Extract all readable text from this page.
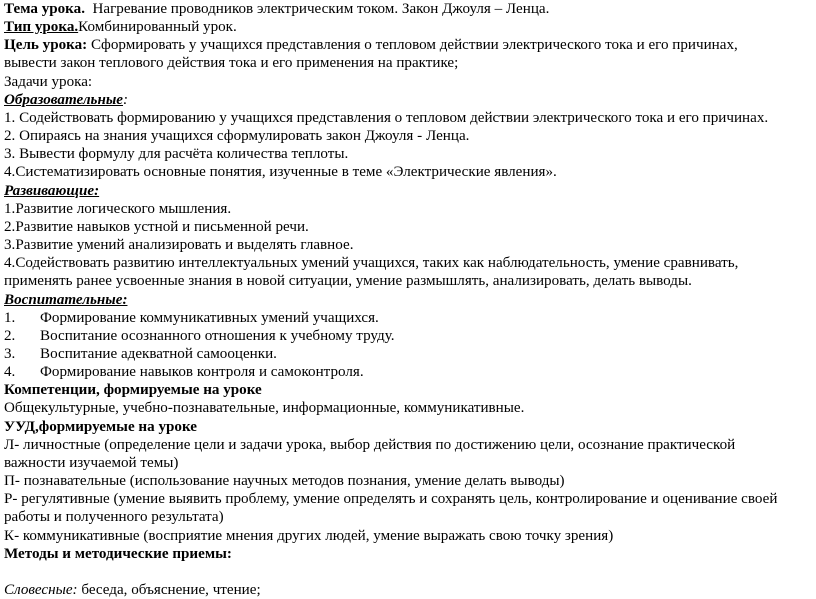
Тема урока. Нагревание проводников электрическим током. Закон Джоуля – Ленца.
Тип урока.Комбинированный урок.
Цель урока: Сформировать у учащихся представления о тепловом действии электрического тока и его причинах,
вывести закон теплового действия тока и его применения на практике;
Задачи урока:
Образовательные:
1. Содействовать формированию у учащихся представления о тепловом действии электрического тока и его причинах.
2. Опираясь на знания учащихся сформулировать закон Джоуля - Ленца.
3. Вывести формулу для расчёта количества теплоты.
4.Систематизировать основные понятия, изученные в теме «Электрические явления».
Развивающие:
1.Развитие логического мышления.
2.Развитие навыков устной и письменной речи.
3.Развитие умений анализировать и выделять главное.
4.Содействовать развитию интеллектуальных умений учащихся, таких как наблюдательность, умение сравнивать,
применять ранее усвоенные знания в новой ситуации, умение размышлять, анализировать, делать выводы.
Воспитательные:
1. Формирование коммуникативных умений учащихся.
2. Воспитание осознанного отношения к учебному труду.
3. Воспитание адекватной самооценки.
4. Формирование навыков контроля и самоконтроля.
Компетенции, формируемые на уроке
Общекультурные, учебно-познавательные, информационные, коммуникативные.
УУД,формируемые на уроке
Л- личностные (определение цели и задачи урока, выбор действия по достижению цели, осознание практической
важности изучаемой темы)
П- познавательные (использование научных методов познания, умение делать выводы)
Р- регулятивные (умение выявить проблему, умение определять и сохранять цель, контролирование и оценивание своей
работы и полученного результата)
К- коммуникативные (восприятие мнения других людей, умение выражать свою точку зрения)
Методы и методические приемы:
Словесные: беседа, объяснение, чтение;
